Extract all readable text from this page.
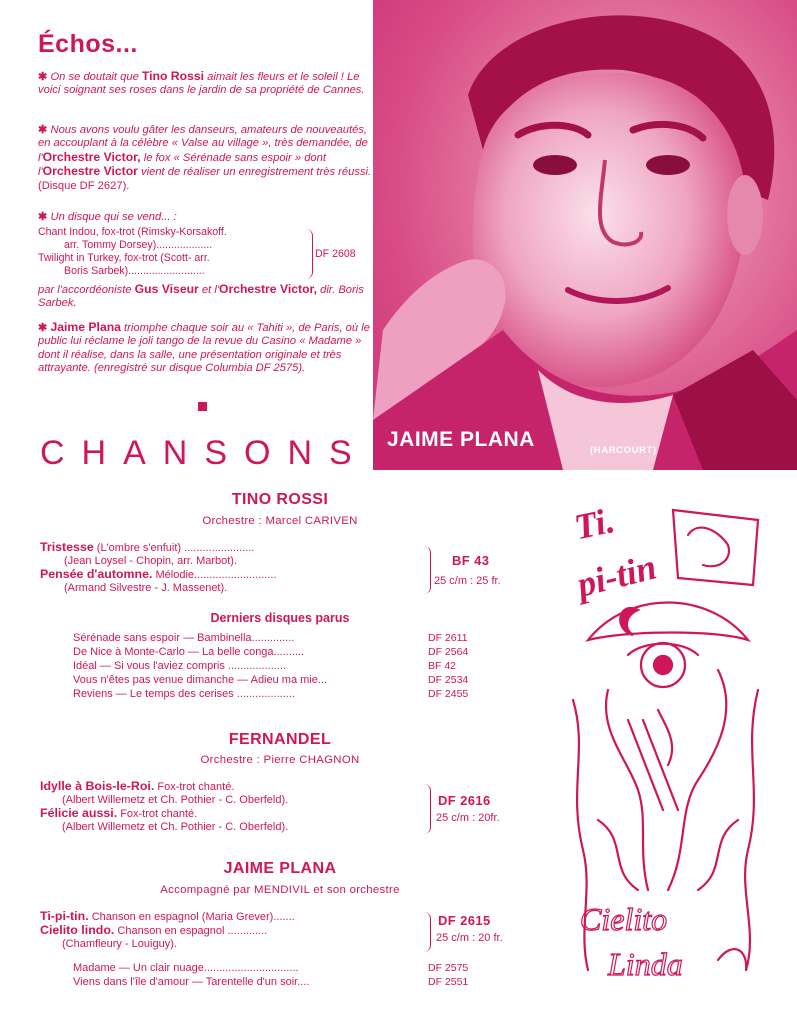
Échos...
✱ On se doutait que Tino Rossi aimait les fleurs et le soleil ! Le voici soignant ses roses dans le jardin de sa propriété de Cannes.
✱ Nous avons voulu gâter les danseurs, amateurs de nouveautés, en accouplant à la célèbre « Valse au village », très demandée, de l'Orchestre Victor, le fox « Sérénade sans espoir » dont l'Orchestre Victor vient de réaliser un enregistrement très réussi. (Disque DF 2627).
✱ Un disque qui se vend... :
Chant Indou, fox-trot (Rimsky-Korsakoff.
arr. Tommy Dorsey)...................
Twilight in Turkey, fox-trot (Scott- arr.
Boris Sarbek)..........................
DF 2608
par l'accordéoniste Gus Viseur et l'Orchestre Victor, dir. Boris Sarbek.
✱ Jaime Plana triomphe chaque soir au « Tahiti », de Paris, où le public lui réclame le joli tango de la revue du Casino « Madame » dont il réalise, dans la salle, une présentation originale et très attrayante. (enregistré sur disque Columbia DF 2575).
JAIME PLANA	(HARCOURT)
CHANSONS
TINO ROSSI
Orchestre : Marcel CARIVEN
Tristesse (L'ombre s'enfuit) .......................
(Jean Loysel - Chopin, arr. Marbot).
Pensée d'automne. Mélodie...........................
(Armand Silvestre - J. Massenet).
BF 43
25 c/m : 25 fr.
Derniers disques parus
Sérénade sans espoir — Bambinella..............	DF 2611
De Nice à Monte-Carlo — La belle conga..........	DF 2564
Idéal — Si vous l'aviez compris ...................	BF 42
Vous n'êtes pas venue dimanche — Adieu ma mie...	DF 2534
Reviens — Le temps des cerises ...................	DF 2455
FERNANDEL
Orchestre : Pierre CHAGNON
Idylle à Bois-le-Roi. Fox-trot chanté.
(Albert Willemetz et Ch. Pothier - C. Oberfeld).
Félicie aussi. Fox-trot chanté.
(Albert Willemetz et Ch. Pothier - C. Oberfeld).
DF 2616
25 c/m : 20fr.
JAIME PLANA
Accompagné par MENDIVIL et son orchestre
Ti-pi-tin. Chanson en espagnol (Maria Grever).......
Cielito lindo. Chanson en espagnol .............
(Chamfleury - Louiguy).
DF 2615
25 c/m : 20 fr.
Madame — Un clair nuage...............................	DF 2575
Viens dans l'île d'amour — Tarentelle d'un soir....	DF 2551
Ti.
pi-tin
Cielito
Linda
